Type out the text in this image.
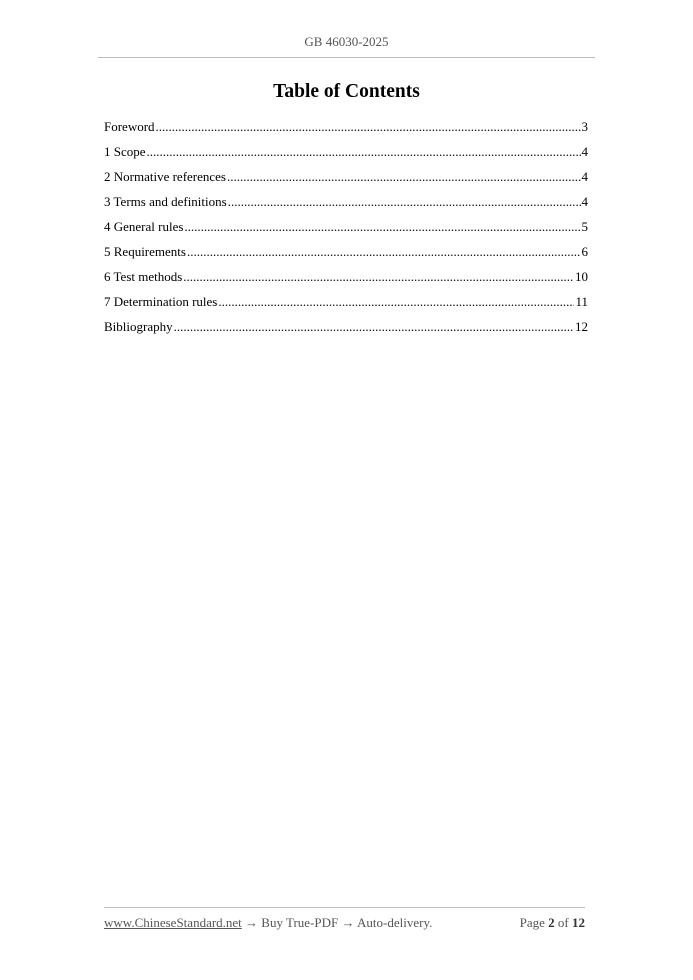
GB 46030-2025
Table of Contents
Foreword .....	3
1 Scope .....	4
2 Normative references .....	4
3 Terms and definitions .....	4
4 General rules .....	5
5 Requirements .....	6
6 Test methods .....	10
7 Determination rules .....	11
Bibliography .....	12
www.ChineseStandard.net → Buy True-PDF → Auto-delivery.	Page 2 of 12
